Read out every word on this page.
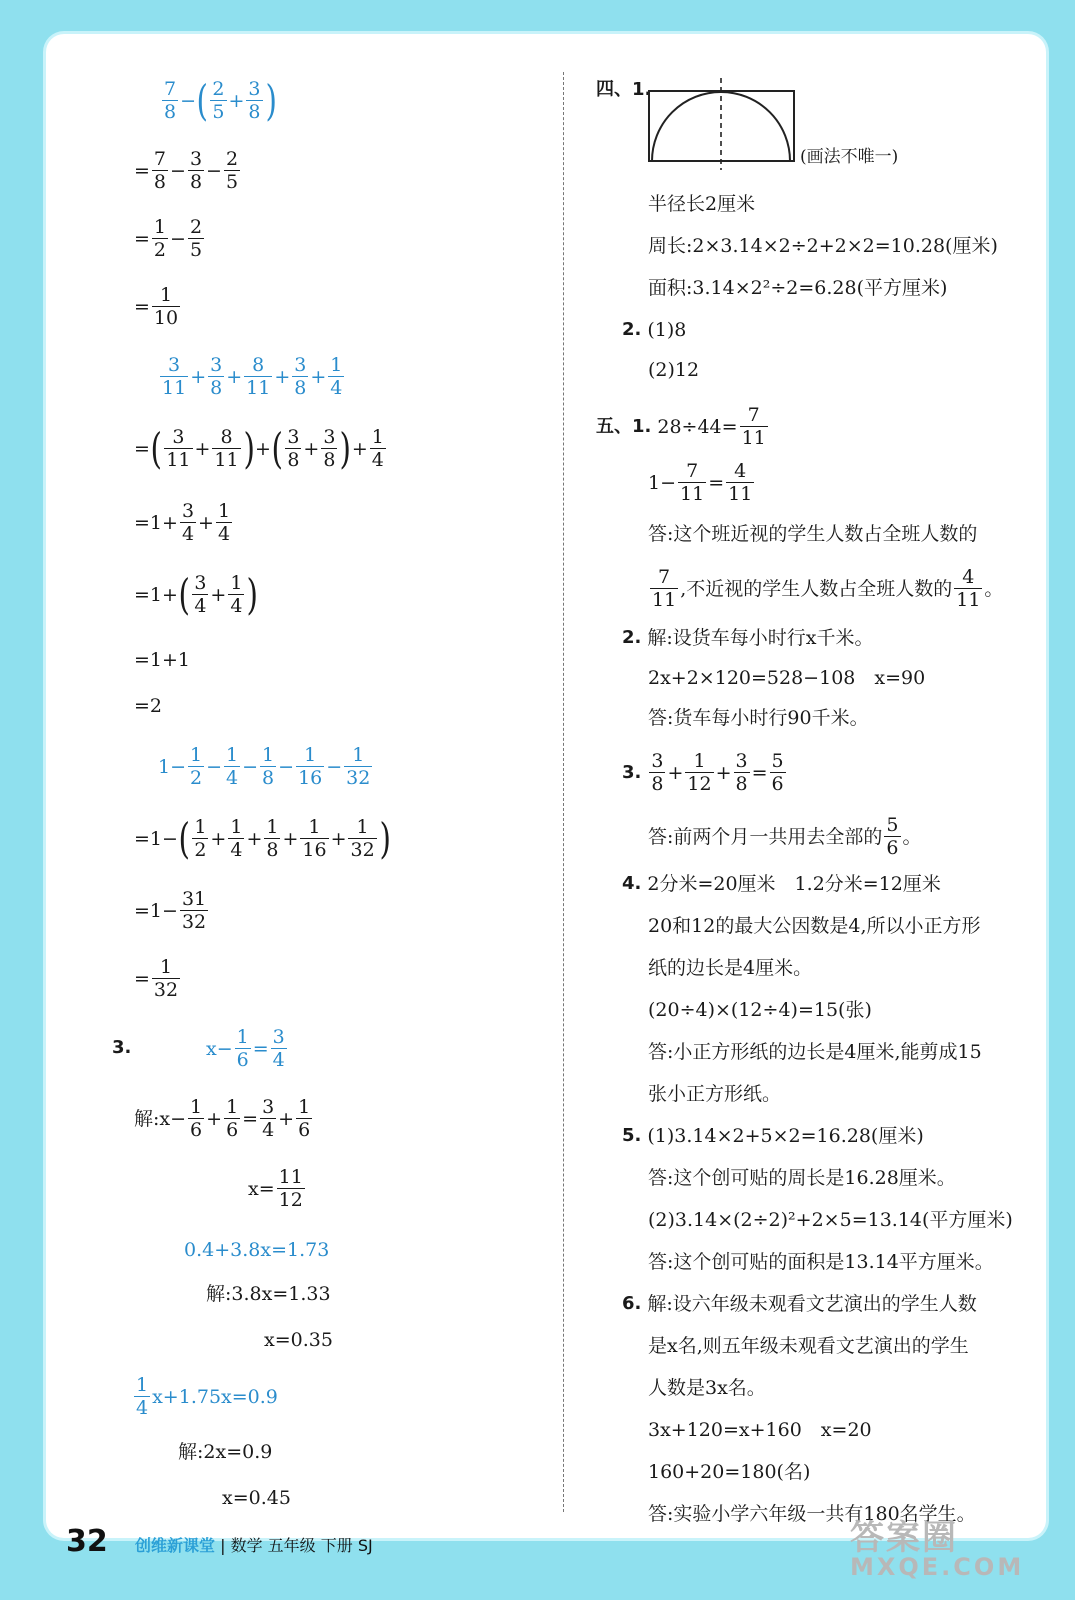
$\frac{7}{8}$ − ( $\frac{2}{5} + \frac{3}{8}$ )
= $\frac{7}{8} - \frac{3}{8} - \frac{2}{5}$
= $\frac{1}{2} - \frac{2}{5}$
= $\frac{1}{10}$
$\frac{3}{11} + \frac{3}{8} + \frac{8}{11} + \frac{3}{8} + \frac{1}{4}$
= ( $\frac{3}{11} + \frac{8}{11}$ ) + ( $\frac{3}{8} + \frac{3}{8}$ ) + $\frac{1}{4}$
$=1+ \frac{3}{4} + \frac{1}{4}$
=1+ ( $\frac{3}{4} + \frac{1}{4}$ )
=1+1
=2
$1- \frac{1}{2} - \frac{1}{4} - \frac{1}{8} - \frac{1}{16} - \frac{1}{32}$
=1− ( $\frac{1}{2} + \frac{1}{4} + \frac{1}{8} + \frac{1}{16} + \frac{1}{32}$ )
$=1- \frac{31}{32}$
= $\frac{1}{32}$
3.	$x- \frac{1}{6} = \frac{3}{4}$
解:x− $\frac{1}{6} + \frac{1}{6} = \frac{3}{4} + \frac{1}{6}$
$x= \frac{11}{12}$
0.4+3.8x=1.73
解:3.8x=1.33
x=0.35
$\frac{1}{4} x+1.75x=0.9$
解:2x=0.9
x=0.45
四、1.
(画法不唯一)
半径长2厘米
周长:2×3.14×2÷2+2×2=10.28(厘米)
面积:3.14×2²÷2=6.28(平方厘米)
2. (1)8
(2)12
五、1. $28\div 44= \frac{7}{11}$
$1- \frac{7}{11} = \frac{4}{11}$
答:这个班近视的学生人数占全班人数的
$\frac{7}{11}$ ,不近视的学生人数占全班人数的 $\frac{4}{11}$ 。
2. 解:设货车每小时行x千米。
2x+2×120=528−108　x=90
答:货车每小时行90千米。
3. $\frac{3}{8} + \frac{1}{12} + \frac{3}{8} = \frac{5}{6}$
答:前两个月一共用去全部的 $\frac{5}{6}$ 。
4. 2分米=20厘米　1.2分米=12厘米
20和12的最大公因数是4,所以小正方形
纸的边长是4厘米。
(20÷4)×(12÷4)=15(张)
答:小正方形纸的边长是4厘米,能剪成15
张小正方形纸。
5. (1)3.14×2+5×2=16.28(厘米)
答:这个创可贴的周长是16.28厘米。
(2)3.14×(2÷2)²+2×5=13.14(平方厘米)
答:这个创可贴的面积是13.14平方厘米。
6. 解:设六年级未观看文艺演出的学生人数
是x名,则五年级未观看文艺演出的学生
人数是3x名。
3x+120=x+160　x=20
160+20=180(名)
答:实验小学六年级一共有180名学生。
32 创维新课堂 | 数学 五年级 下册 SJ	答案圈
MXQE.COM
